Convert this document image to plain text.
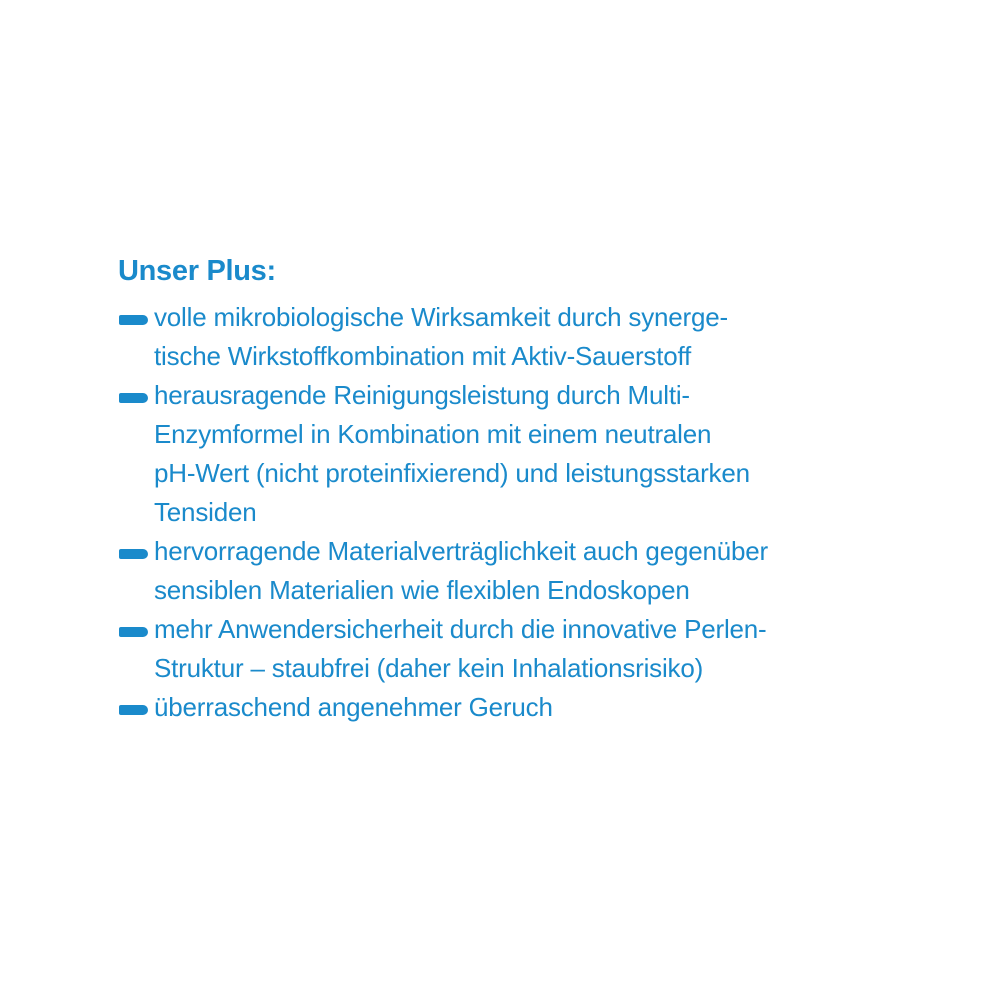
Unser Plus:
volle mikrobiologische Wirksamkeit durch synerge-
tische Wirkstoffkombination mit Aktiv-Sauerstoff
herausragende Reinigungsleistung durch Multi-
Enzymformel in Kombination mit einem neutralen
pH-Wert (nicht proteinfixierend) und leistungsstarken
Tensiden
hervorragende Materialverträglichkeit auch gegenüber
sensiblen Materialien wie flexiblen Endoskopen
mehr Anwendersicherheit durch die innovative Perlen-
Struktur – staubfrei (daher kein Inhalationsrisiko)
überraschend angenehmer Geruch
